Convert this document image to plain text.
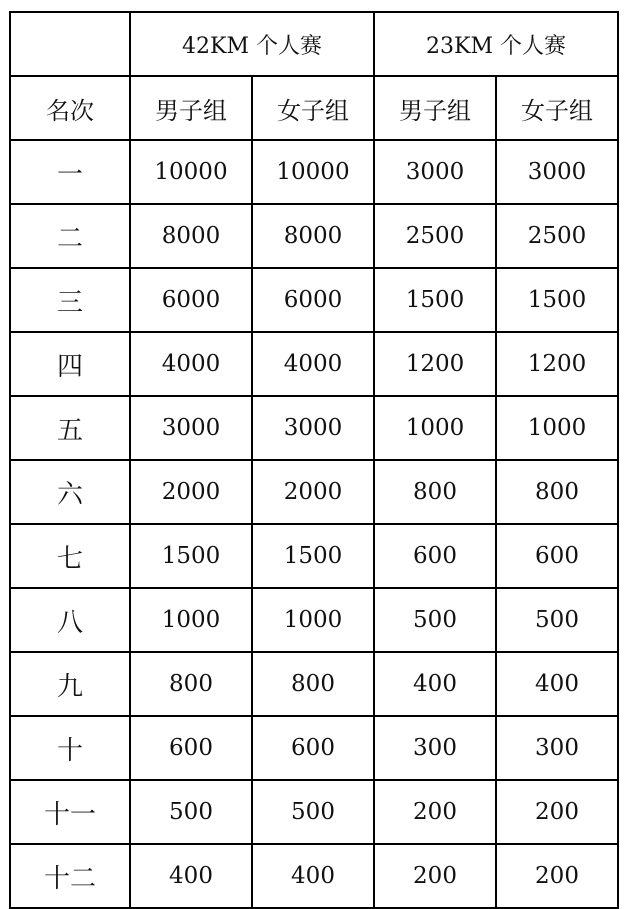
	42KM 个人赛		23KM 个人赛	
名次	男子组	女子组	男子组	女子组
一	10000	10000	3000	3000
二	8000	8000	2500	2500
三	6000	6000	1500	1500
四	4000	4000	1200	1200
五	3000	3000	1000	1000
六	2000	2000	800	800
七	1500	1500	600	600
八	1000	1000	500	500
九	800	800	400	400
十	600	600	300	300
十一	500	500	200	200
十二	400	400	200	200
